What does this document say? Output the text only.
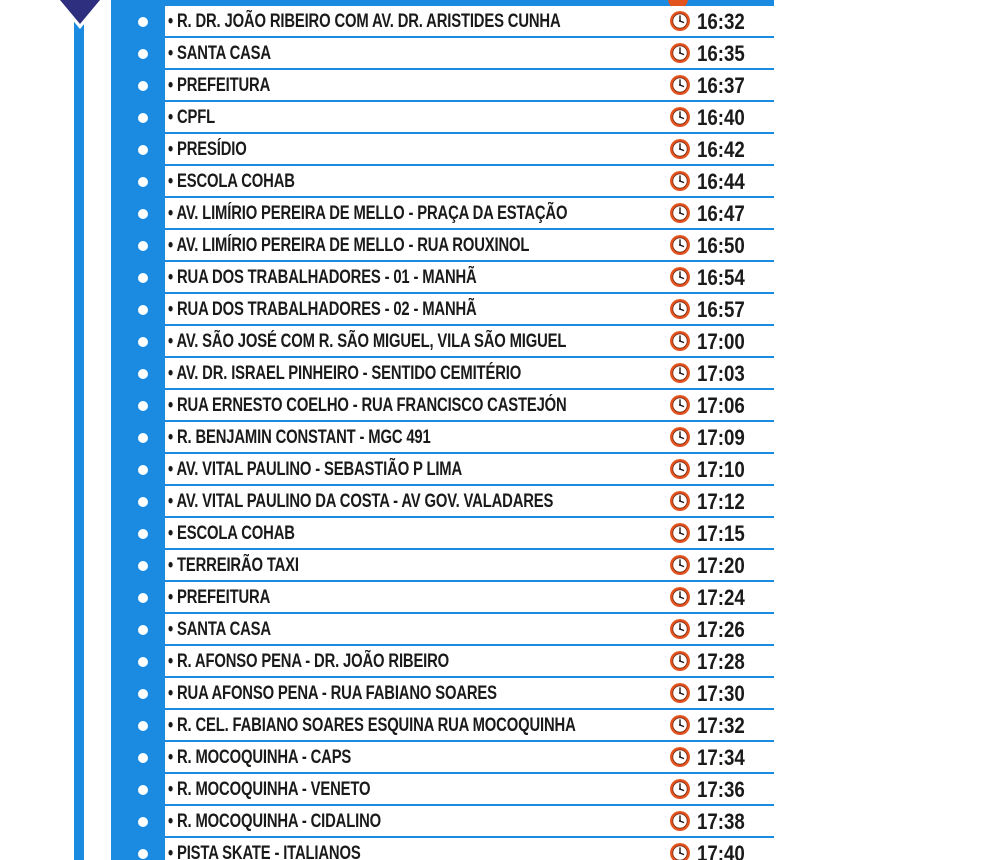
• R. DR. JOÃO RIBEIRO COM AV. DR. ARISTIDES CUNHA	16:32
• SANTA CASA	16:35
• PREFEITURA	16:37
• CPFL	16:40
• PRESÍDIO	16:42
• ESCOLA COHAB	16:44
• AV. LIMÍRIO PEREIRA DE MELLO - PRAÇA DA ESTAÇÃO	16:47
• AV. LIMÍRIO PEREIRA DE MELLO - RUA ROUXINOL	16:50
• RUA DOS TRABALHADORES - 01 - MANHÃ	16:54
• RUA DOS TRABALHADORES - 02 - MANHÃ	16:57
• AV. SÃO JOSÉ COM R. SÃO MIGUEL, VILA SÃO MIGUEL	17:00
• AV. DR. ISRAEL PINHEIRO - SENTIDO CEMITÉRIO	17:03
• RUA ERNESTO COELHO - RUA FRANCISCO CASTEJÓN	17:06
• R. BENJAMIN CONSTANT - MGC 491	17:09
• AV. VITAL PAULINO - SEBASTIÃO P LIMA	17:10
• AV. VITAL PAULINO DA COSTA - AV GOV. VALADARES	17:12
• ESCOLA COHAB	17:15
• TERREIRÃO TAXI	17:20
• PREFEITURA	17:24
• SANTA CASA	17:26
• R. AFONSO PENA - DR. JOÃO RIBEIRO	17:28
• RUA AFONSO PENA - RUA FABIANO SOARES	17:30
• R. CEL. FABIANO SOARES ESQUINA RUA MOCOQUINHA	17:32
• R. MOCOQUINHA - CAPS	17:34
• R. MOCOQUINHA - VENETO	17:36
• R. MOCOQUINHA - CIDALINO	17:38
• PISTA SKATE - ITALIANOS	17:40
